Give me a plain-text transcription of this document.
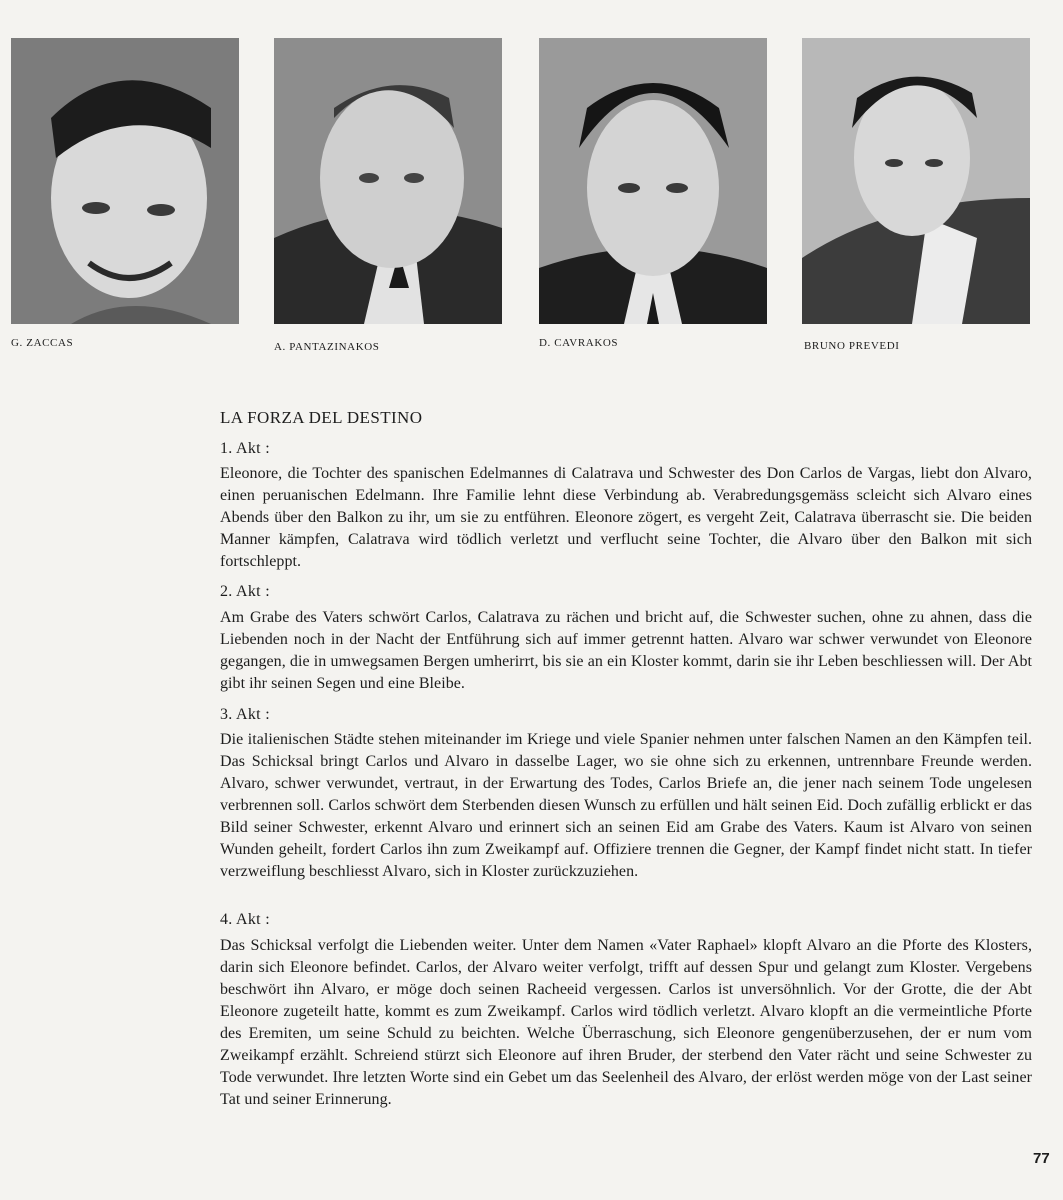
G. ZACCAS	A. PANTAZINAKOS	D. CAVRAKOS	BRUNO PREVEDI
LA FORZA DEL DESTINO

1. Akt :

Eleonore, die Tochter des spanischen Edelmannes di Calatrava und Schwester des Don Carlos de Vargas, liebt don Alvaro, einen peruanischen Edelmann. Ihre Familie lehnt diese Verbindung ab. Verabredungsgemäss scleicht sich Alvaro eines Abends über den Balkon zu ihr, um sie zu entführen. Eleonore zögert, es vergeht Zeit, Calatrava überrascht sie. Die beiden Manner kämpfen, Calatrava wird tödlich verletzt und verflucht seine Tochter, die Alvaro über den Balkon mit sich fortschleppt.

2. Akt :

Am Grabe des Vaters schwört Carlos, Calatrava zu rächen und bricht auf, die Schwester suchen, ohne zu ahnen, dass die Liebenden noch in der Nacht der Entführung sich auf immer getrennt hatten. Alvaro war schwer verwundet von Eleonore gegangen, die in umwegsamen Bergen umherirrt, bis sie an ein Kloster kommt, darin sie ihr Leben beschliessen will. Der Abt gibt ihr seinen Segen und eine Bleibe.

3. Akt :

Die italienischen Städte stehen miteinander im Kriege und viele Spanier nehmen unter falschen Namen an den Kämpfen teil. Das Schicksal bringt Carlos und Alvaro in dasselbe Lager, wo sie ohne sich zu erkennen, untrennbare Freunde werden. Alvaro, schwer verwundet, vertraut, in der Erwartung des Todes, Carlos Briefe an, die jener nach seinem Tode ungelesen verbrennen soll. Carlos schwört dem Sterbenden diesen Wunsch zu erfüllen und hält seinen Eid. Doch zufällig erblickt er das Bild seiner Schwester, erkennt Alvaro und erinnert sich an seinen Eid am Grabe des Vaters. Kaum ist Alvaro von seinen Wunden geheilt, fordert Carlos ihn zum Zweikampf auf. Offiziere trennen die Gegner, der Kampf findet nicht statt. In tiefer verzweiflung beschliesst Alvaro, sich in Kloster zurückzuziehen.

4. Akt :

Das Schicksal verfolgt die Liebenden weiter. Unter dem Namen «Vater Raphael» klopft Alvaro an die Pforte des Klosters, darin sich Eleonore befindet. Carlos, der Alvaro weiter verfolgt, trifft auf dessen Spur und gelangt zum Kloster. Vergebens beschwört ihn Alvaro, er möge doch seinen Racheeid vergessen. Carlos ist unversöhnlich. Vor der Grotte, die der Abt Eleonore zugeteilt hatte, kommt es zum Zweikampf. Carlos wird tödlich verletzt. Alvaro klopft an die vermeintliche Pforte des Eremiten, um seine Schuld zu beichten. Welche Überraschung, sich Eleonore gengenüberzusehen, der er num vom Zweikampf erzählt. Schreiend stürzt sich Eleonore auf ihren Bruder, der sterbend den Vater rächt und seine Schwester zu Tode verwundet. Ihre letzten Worte sind ein Gebet um das Seelenheil des Alvaro, der erlöst werden möge von der Last seiner Tat und seiner Erinnerung.

77
